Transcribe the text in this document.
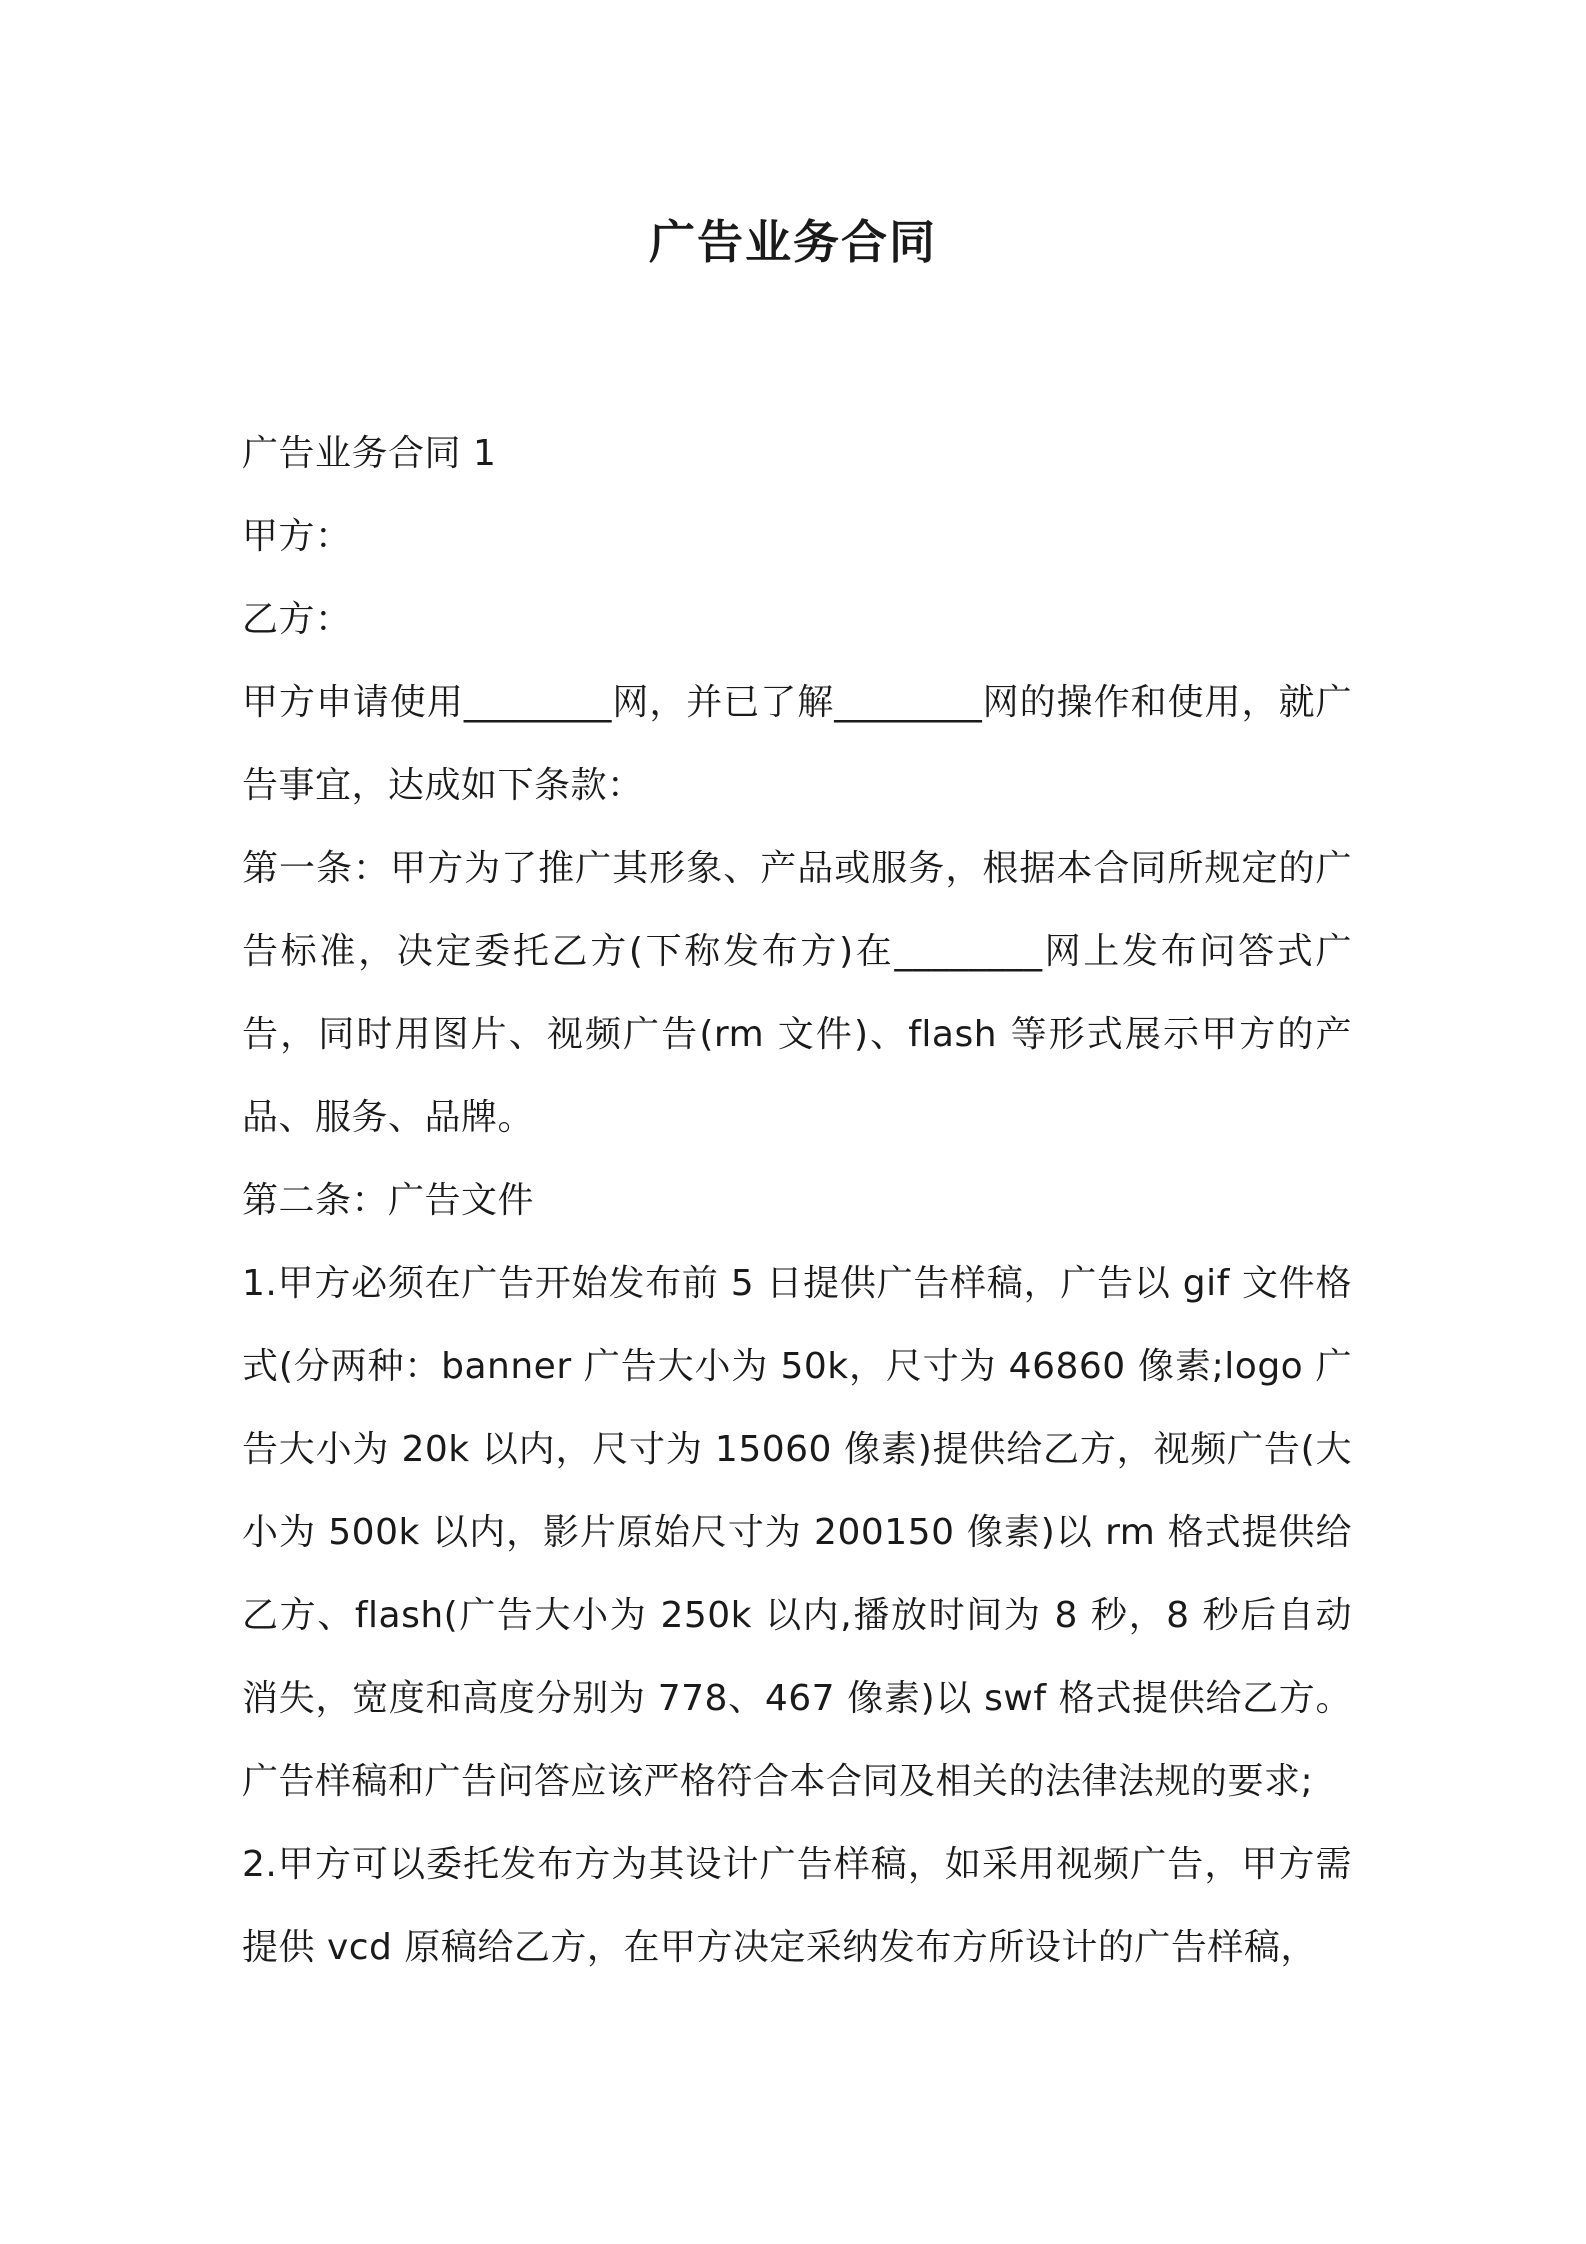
广告业务合同

广告业务合同 1

甲方：

乙方：

甲方申请使用________网，并已了解________网的操作和使用，就广告事宜，达成如下条款：

第一条：甲方为了推广其形象、产品或服务，根据本合同所规定的广告标准，决定委托乙方(下称发布方)在________网上发布问答式广告，同时用图片、视频广告(rm 文件)、flash 等形式展示甲方的产品、服务、品牌。

第二条：广告文件

1.甲方必须在广告开始发布前 5 日提供广告样稿，广告以 gif 文件格式(分两种：banner 广告大小为 50k，尺寸为 46860 像素;logo 广告大小为 20k 以内，尺寸为 15060 像素)提供给乙方，视频广告(大小为 500k 以内，影片原始尺寸为 200150 像素)以 rm 格式提供给乙方、flash(广告大小为 250k 以内,播放时间为 8 秒，8 秒后自动消失，宽度和高度分别为 778、467 像素)以 swf 格式提供给乙方。广告样稿和广告问答应该严格符合本合同及相关的法律法规的要求;

2.甲方可以委托发布方为其设计广告样稿，如采用视频广告，甲方需提供 vcd 原稿给乙方，在甲方决定采纳发布方所设计的广告样稿，
